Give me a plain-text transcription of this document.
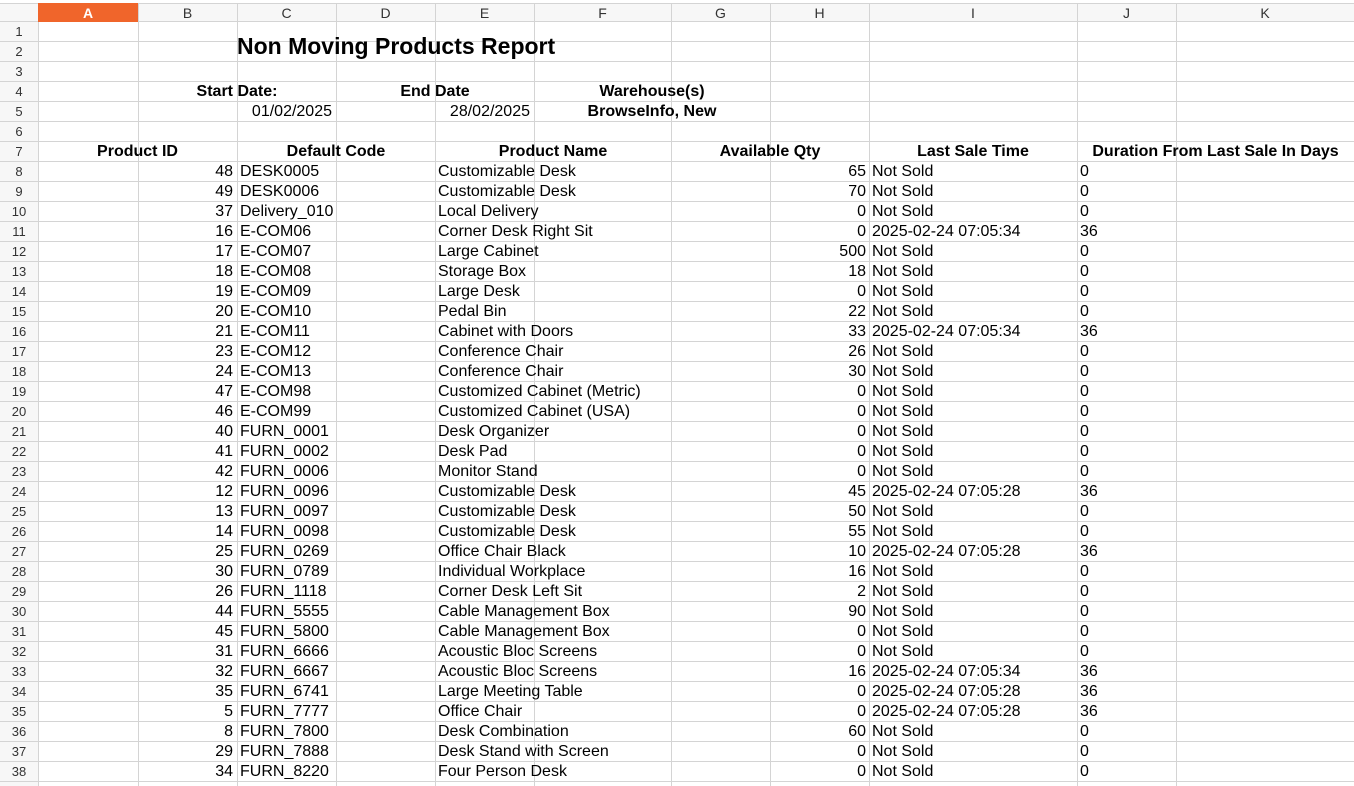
A	B	C	D	E	F	G	H	I	J	K
1
2
3
4
5
6
7
8
9
10
11
12
13
14
15
16
17
18
19
20
21
22
23
24
25
26
27
28
29
30
31
32
33
34
35
36
37
38
Non Moving Products Report
Start Date:	End Date	Warehouse(s)
01/02/2025	28/02/2025	BrowseInfo, New
Product ID	Default Code	Product Name	Available Qty	Last Sale Time	Duration From Last Sale In Days
48 DESK0005	Customizable Desk	65 Not Sold	0
49 DESK0006	Customizable Desk	70 Not Sold	0
37 Delivery_010	Local Delivery	0 Not Sold	0
16 E-COM06	Corner Desk Right Sit	0 2025-02-24 07:05:34	36
17 E-COM07	Large Cabinet	500 Not Sold	0
18 E-COM08	Storage Box	18 Not Sold	0
19 E-COM09	Large Desk	0 Not Sold	0
20 E-COM10	Pedal Bin	22 Not Sold	0
21 E-COM11	Cabinet with Doors	33 2025-02-24 07:05:34	36
23 E-COM12	Conference Chair	26 Not Sold	0
24 E-COM13	Conference Chair	30 Not Sold	0
47 E-COM98	Customized Cabinet (Metric)	0 Not Sold	0
46 E-COM99	Customized Cabinet (USA)	0 Not Sold	0
40 FURN_0001	Desk Organizer	0 Not Sold	0
41 FURN_0002	Desk Pad	0 Not Sold	0
42 FURN_0006	Monitor Stand	0 Not Sold	0
12 FURN_0096	Customizable Desk	45 2025-02-24 07:05:28	36
13 FURN_0097	Customizable Desk	50 Not Sold	0
14 FURN_0098	Customizable Desk	55 Not Sold	0
25 FURN_0269	Office Chair Black	10 2025-02-24 07:05:28	36
30 FURN_0789	Individual Workplace	16 Not Sold	0
26 FURN_1118	Corner Desk Left Sit	2 Not Sold	0
44 FURN_5555	Cable Management Box	90 Not Sold	0
45 FURN_5800	Cable Management Box	0 Not Sold	0
31 FURN_6666	Acoustic Bloc Screens	0 Not Sold	0
32 FURN_6667	Acoustic Bloc Screens	16 2025-02-24 07:05:34	36
35 FURN_6741	Large Meeting Table	0 2025-02-24 07:05:28	36
5 FURN_7777	Office Chair	0 2025-02-24 07:05:28	36
8 FURN_7800	Desk Combination	60 Not Sold	0
29 FURN_7888	Desk Stand with Screen	0 Not Sold	0
34 FURN_8220	Four Person Desk	0 Not Sold	0
